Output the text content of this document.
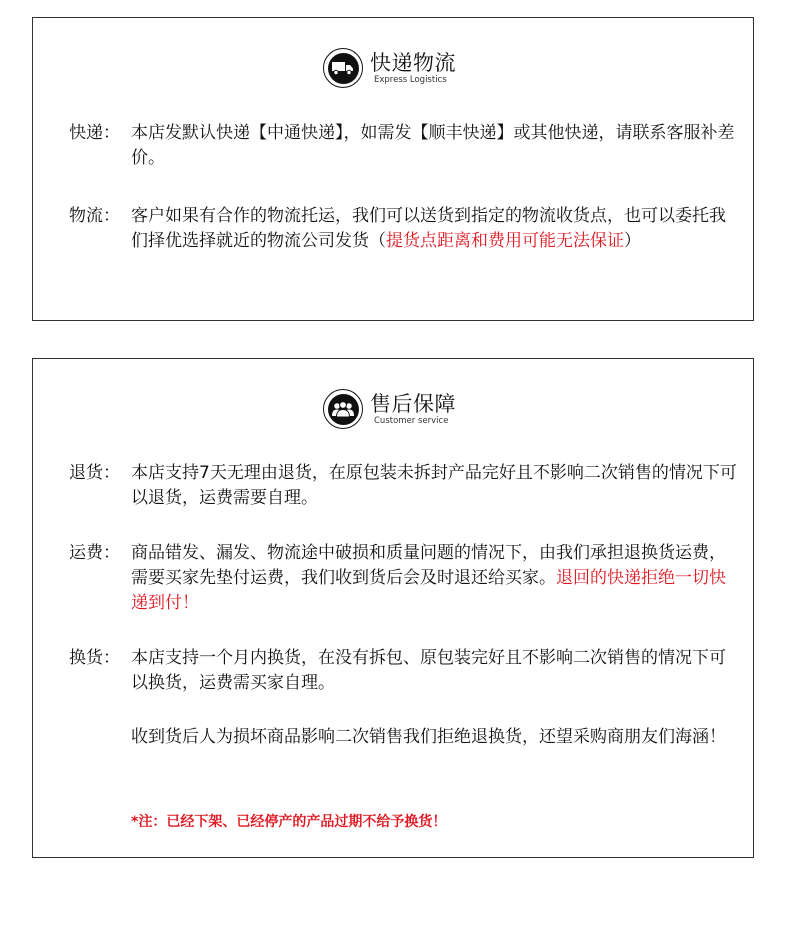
快递物流
Express Logistics
快递： 本店发默认快递【中通快递】，如需发【顺丰快递】或其他快递，请联系客服补差价。
物流： 客户如果有合作的物流托运，我们可以送货到指定的物流收货点，也可以委托我们择优选择就近的物流公司发货（提货点距离和费用可能无法保证）
售后保障
Customer service
退货： 本店支持7天无理由退货，在原包装未拆封产品完好且不影响二次销售的情况下可以退货，运费需要自理。
运费： 商品错发、漏发、物流途中破损和质量问题的情况下，由我们承担退换货运费，需要买家先垫付运费，我们收到货后会及时退还给买家。退回的快递拒绝一切快递到付！
换货： 本店支持一个月内换货，在没有拆包、原包装完好且不影响二次销售的情况下可以换货，运费需买家自理。
收到货后人为损坏商品影响二次销售我们拒绝退换货，还望采购商朋友们海涵！
*注：已经下架、已经停产的产品过期不给予换货！
